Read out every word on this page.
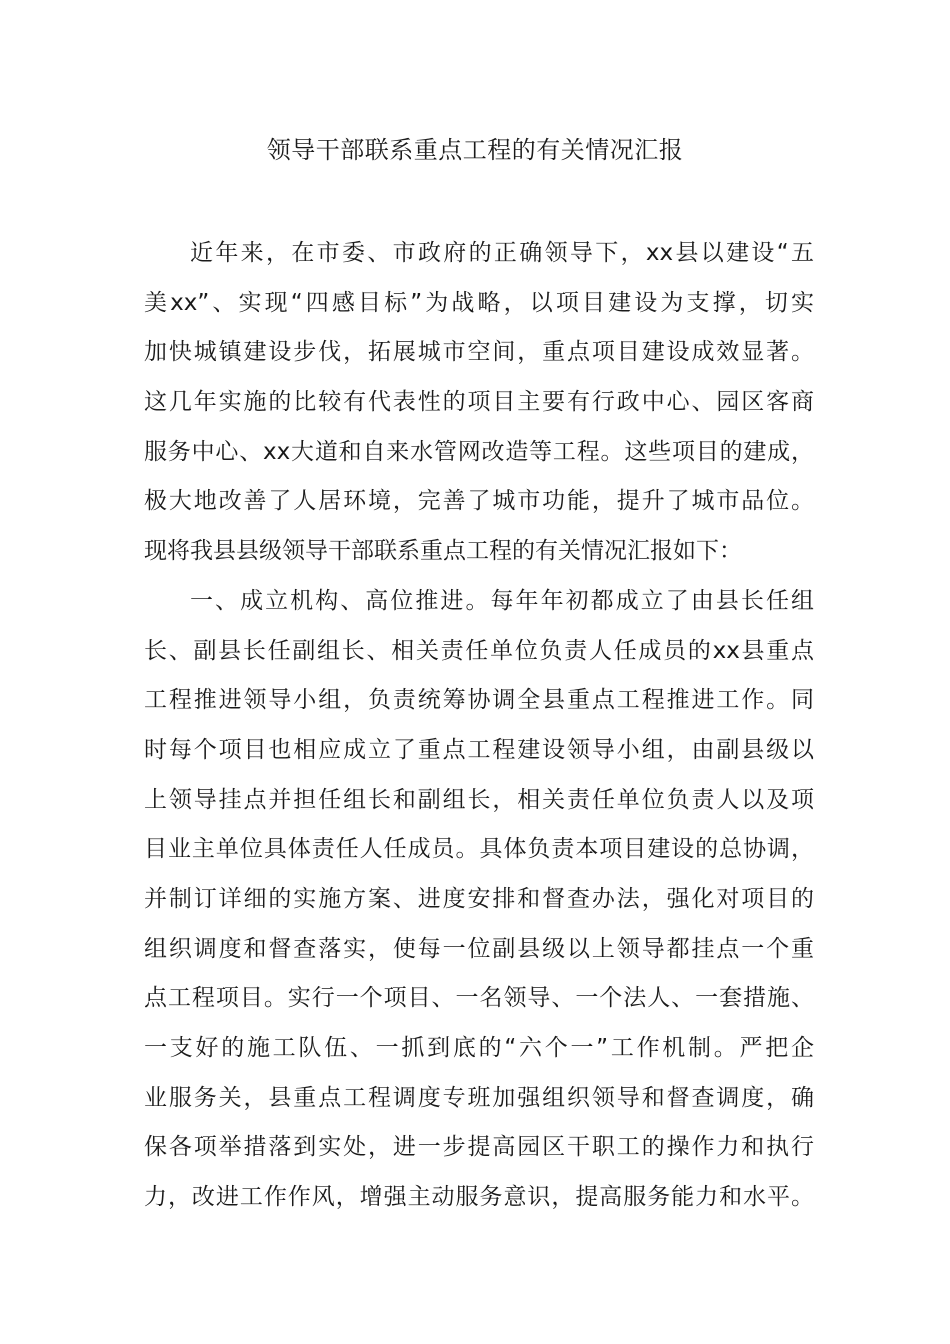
领导干部联系重点工程的有关情况汇报
近年来，在市委、市政府的正确领导下，xx县以建设“五
美xx”、实现“四感目标”为战略，以项目建设为支撑，切实
加快城镇建设步伐，拓展城市空间，重点项目建设成效显著。
这几年实施的比较有代表性的项目主要有行政中心、园区客商
服务中心、xx大道和自来水管网改造等工程。这些项目的建成，
极大地改善了人居环境，完善了城市功能，提升了城市品位。
现将我县县级领导干部联系重点工程的有关情况汇报如下：
一、成立机构、高位推进。每年年初都成立了由县长任组
长、副县长任副组长、相关责任单位负责人任成员的xx县重点
工程推进领导小组，负责统筹协调全县重点工程推进工作。同
时每个项目也相应成立了重点工程建设领导小组，由副县级以
上领导挂点并担任组长和副组长，相关责任单位负责人以及项
目业主单位具体责任人任成员。具体负责本项目建设的总协调，
并制订详细的实施方案、进度安排和督查办法，强化对项目的
组织调度和督查落实，使每一位副县级以上领导都挂点一个重
点工程项目。实行一个项目、一名领导、一个法人、一套措施、
一支好的施工队伍、一抓到底的“六个一”工作机制。严把企
业服务关，县重点工程调度专班加强组织领导和督查调度，确
保各项举措落到实处，进一步提高园区干职工的操作力和执行
力，改进工作作风，增强主动服务意识，提高服务能力和水平。
